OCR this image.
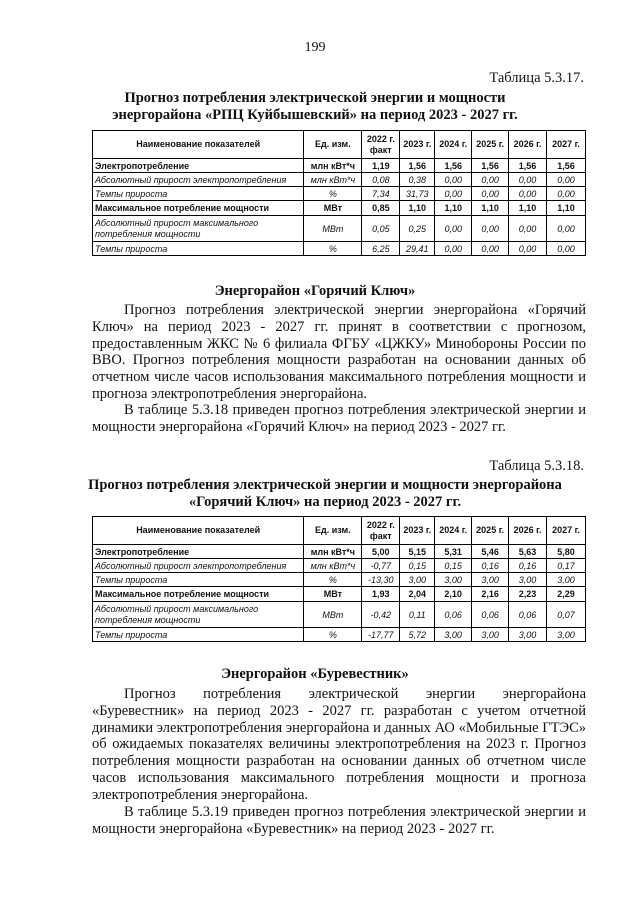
199
Таблица 5.3.17.
Прогноз потребления электрической энергии и мощности
энергорайона «РПЦ Куйбышевский» на период 2023 - 2027 гг.
Наименование показателей	Ед. изм.	2022 г. факт	2023 г.	2024 г.	2025 г.	2026 г.	2027 г.
Электропотребление	млн кВт*ч	1,19	1,56	1,56	1,56	1,56	1,56
Абсолютный прирост электропотребления	млн кВт*ч	0,08	0,38	0,00	0,00	0,00	0,00
Темпы прироста	%	7,34	31,73	0,00	0,00	0,00	0,00
Максимальное потребление мощности	МВт	0,85	1,10	1,10	1,10	1,10	1,10
Абсолютный прирост максимального потребления мощности	МВт	0,05	0,25	0,00	0,00	0,00	0,00
Темпы прироста	%	6,25	29,41	0,00	0,00	0,00	0,00
Энергорайон «Горячий Ключ»

Прогноз потребления электрической энергии энергорайона «Горячий Ключ» на период 2023 - 2027 гг. принят в соответствии с прогнозом, предоставленным ЖКС № 6 филиала ФГБУ «ЦЖКУ» Минобороны России по ВВО. Прогноз потребления мощности разработан на основании данных об отчетном числе часов использования максимального потребления мощности и прогноза электропотребления энергорайона.

В таблице 5.3.18 приведен прогноз потребления электрической энергии и мощности энергорайона «Горячий Ключ» на период 2023 - 2027 гг.

Таблица 5.3.18.
Прогноз потребления электрической энергии и мощности энергорайона
«Горячий Ключ» на период 2023 - 2027 гг.
Наименование показателей	Ед. изм.	2022 г. факт	2023 г.	2024 г.	2025 г.	2026 г.	2027 г.
Электропотребление	млн кВт*ч	5,00	5,15	5,31	5,46	5,63	5,80
Абсолютный прирост электропотребления	млн кВт*ч	-0,77	0,15	0,15	0,16	0,16	0,17
Темпы прироста	%	-13,30	3,00	3,00	3,00	3,00	3,00
Максимальное потребление мощности	МВт	1,93	2,04	2,10	2,16	2,23	2,29
Абсолютный прирост максимального потребления мощности	МВт	-0,42	0,11	0,06	0,06	0,06	0,07
Темпы прироста	%	-17,77	5,72	3,00	3,00	3,00	3,00
Энергорайон «Буревестник»

Прогноз потребления электрической энергии энергорайона «Буревестник» на период 2023 - 2027 гг. разработан с учетом отчетной динамики электропотребления энергорайона и данных АО «Мобильные ГТЭС» об ожидаемых показателях величины электропотребления на 2023 г. Прогноз потребления мощности разработан на основании данных об отчетном числе часов использования максимального потребления мощности и прогноза электропотребления энергорайона.

В таблице 5.3.19 приведен прогноз потребления электрической энергии и мощности энергорайона «Буревестник» на период 2023 - 2027 гг.
